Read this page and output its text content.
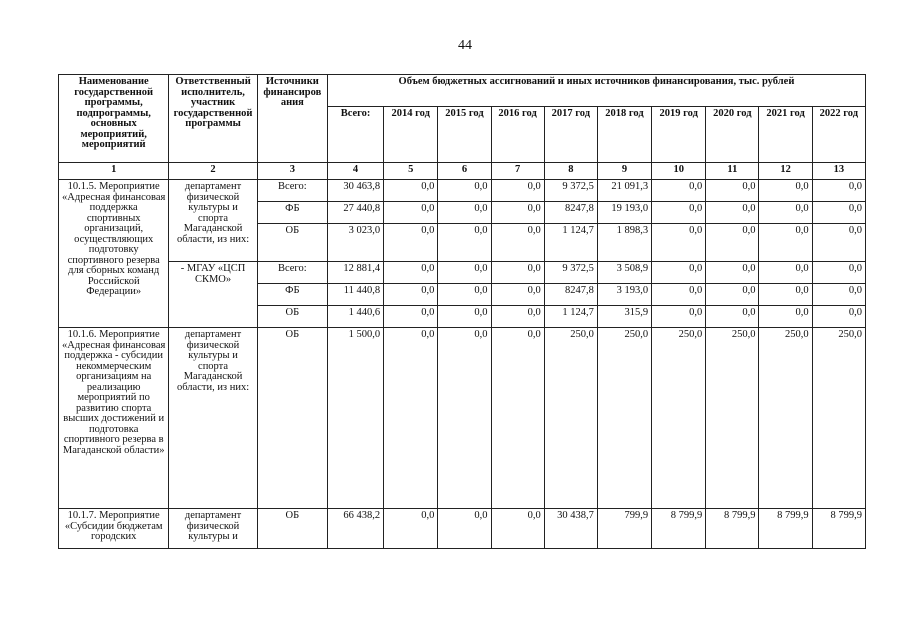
44
Наименование государственной программы, подпрограммы, основных мероприятий, мероприятий	Ответственный исполнитель, участник государственной программы	Источники финансиров ания	Объем бюджетных ассигнований и иных источников финансирования, тыс. рублей									
			Всего:	2014 год	2015 год	2016 год	2017 год	2018 год	2019 год	2020 год	2021 год	2022 год
1	2	3	4	5	6	7	8	9	10	11	12	13
10.1.5. Мероприятие «Адресная финансовая поддержка спортивных организаций, осуществляющих подготовку спортивного резерва для сборных команд Российской Федерации»	департамент физической культуры и спорта Магаданской области, из них:	Всего:	30 463,8	0,0	0,0	0,0	9 372,5	21 091,3	0,0	0,0	0,0	0,0
		ФБ	27 440,8	0,0	0,0	0,0	8247,8	19 193,0	0,0	0,0	0,0	0,0
		ОБ	3 023,0	0,0	0,0	0,0	1 124,7	1 898,3	0,0	0,0	0,0	0,0
	- МГАУ «ЦСП СКМО»	Всего:	12 881,4	0,0	0,0	0,0	9 372,5	3 508,9	0,0	0,0	0,0	0,0
		ФБ	11 440,8	0,0	0,0	0,0	8247,8	3 193,0	0,0	0,0	0,0	0,0
		ОБ	1 440,6	0,0	0,0	0,0	1 124,7	315,9	0,0	0,0	0,0	0,0
10.1.6. Мероприятие «Адресная финансовая поддержка - субсидии некоммерческим организациям на реализацию мероприятий по развитию спорта высших достижений и подготовка спортивного резерва в Магаданской области»	департамент физической культуры и спорта Магаданской области, из них:	ОБ	1 500,0	0,0	0,0	0,0	250,0	250,0	250,0	250,0	250,0	250,0
10.1.7. Мероприятие «Субсидии бюджетам городских	департамент физической культуры и	ОБ	66 438,2	0,0	0,0	0,0	30 438,7	799,9	8 799,9	8 799,9	8 799,9	8 799,9
